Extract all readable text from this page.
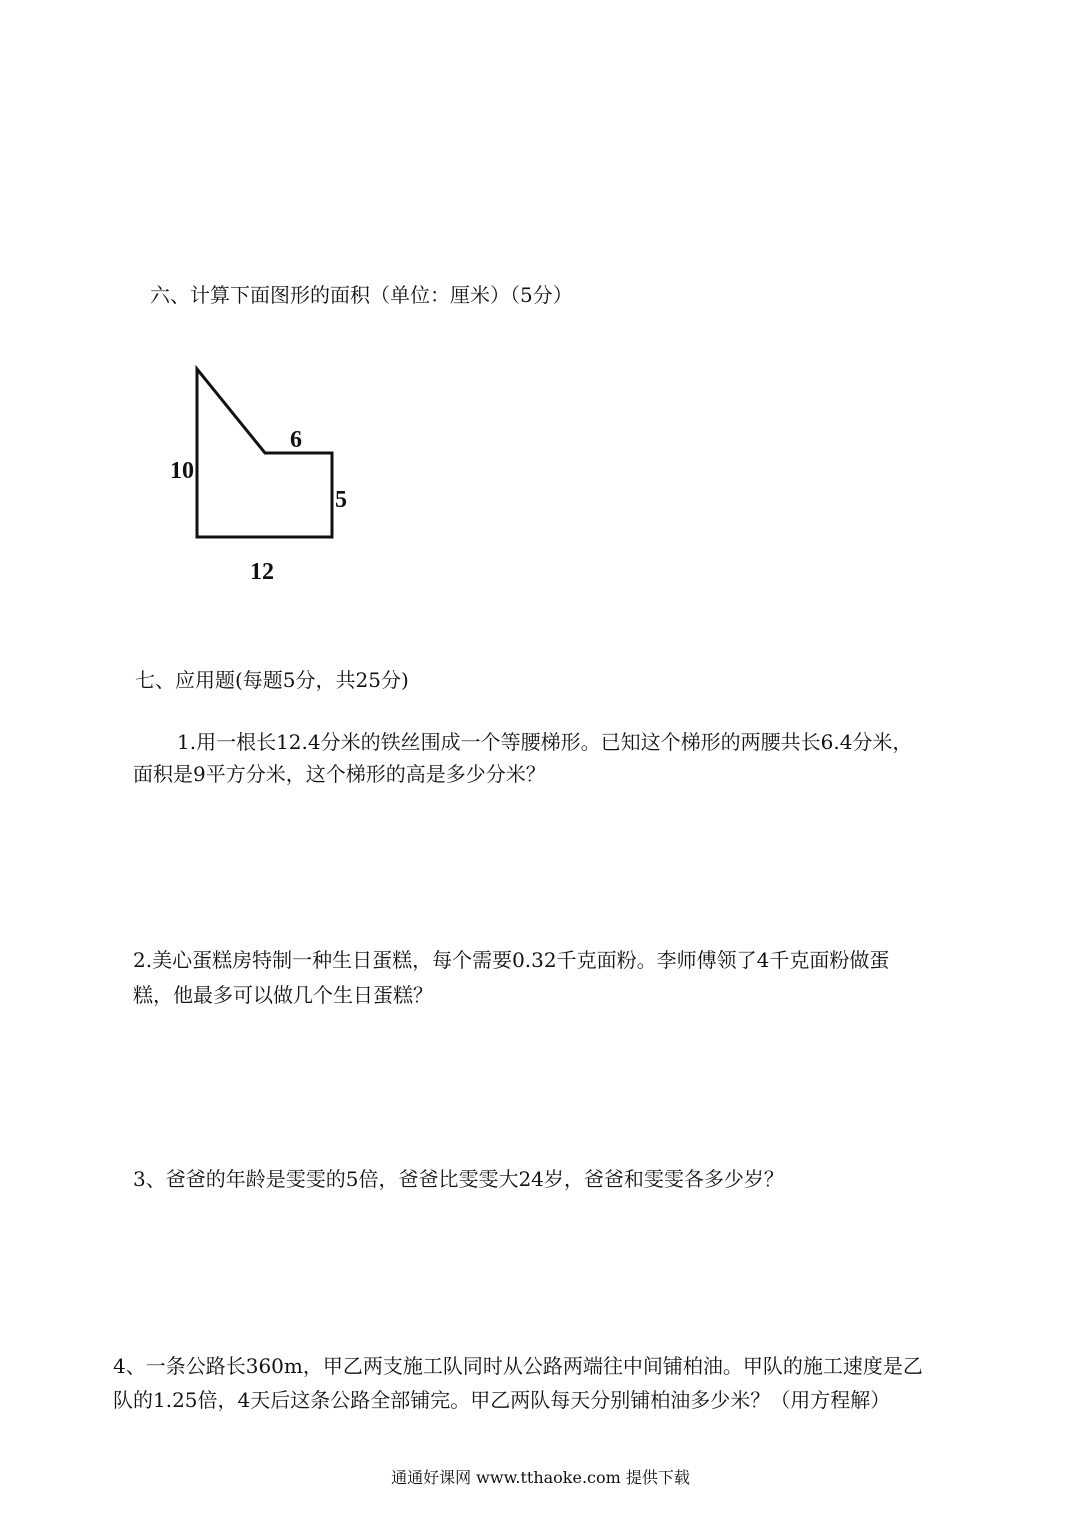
六、计算下面图形的面积（单位：厘米）（5分）
10
6
5
12
七、应用题(每题5分，共25分)
1.用一根长12.4分米的铁丝围成一个等腰梯形。已知这个梯形的两腰共长6.4分米，
面积是9平方分米，这个梯形的高是多少分米？
2.美心蛋糕房特制一种生日蛋糕，每个需要0.32千克面粉。李师傅领了4千克面粉做蛋
糕，他最多可以做几个生日蛋糕？
3、爸爸的年龄是雯雯的5倍，爸爸比雯雯大24岁，爸爸和雯雯各多少岁？
4、一条公路长360m，甲乙两支施工队同时从公路两端往中间铺柏油。甲队的施工速度是乙
队的1.25倍，4天后这条公路全部铺完。甲乙两队每天分别铺柏油多少米？（用方程解）
通通好课网 www.tthaoke.com 提供下载
